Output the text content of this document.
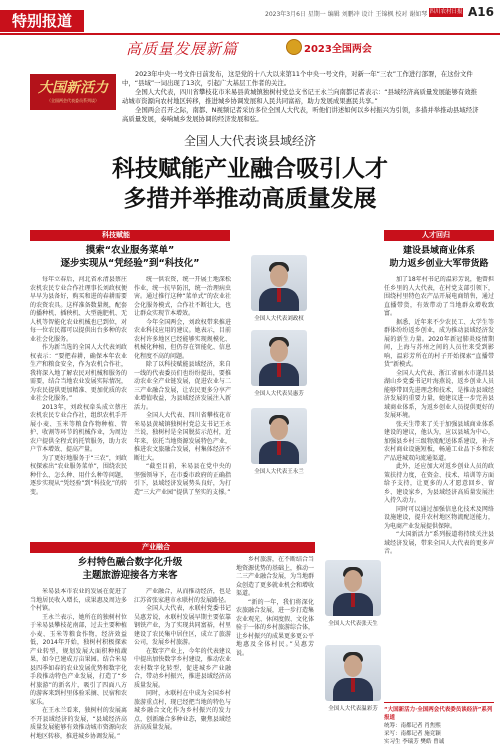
特别报道	2023年3月6日 星期一 编辑 刘鹏冲 设计 王锦枫 校对 谢如琴 四川农村日报 A16
高质量发展新篇	2023全国两会
大国新活力
（全国两会代表委员系列谈）

2023年中央一号文件日前发布，这是党的十八大以来第11个中央一号文件，对新一年“三农”工作进行部署，在这份文件中，“县域”一词出现了13次，引起广大基层工作者的关注。

全国人大代表，四川省攀枝花市米易县黄城镇独树村党总支书记王永兰向南都记者表示：“县域经济高质量发展能够有效推动城市资源向农村地区转移，推进城乡协调发展和人民共同富裕，助力发展成果惠民共享。”

全国两会召开之际，南都、N视频记者采访多位全国人大代表，听他们讲述如何以乡村振兴为引领，多措并举推动县域经济高质量发展，奏响城乡发展协调的经济发展和弦。

全国人大代表谈县域经济
科技赋能产业融合吸引人才
多措并举推动高质量发展
科技赋能
摸索“农业服务菜单”
逐步实现从“凭经验”到“科技化”

每年立春后，河北省永清县蔡庄农机农民专业合作社理事长刘政权便早早为县备好，购买和进的春耕需要的农资农具。这样准备数量规，配套的播种机、插秧机、大型施肥机、无人机等智能化农业机械也已到位，对每一位农民都可以提供出台多种的农业社会化服务。

作为新当选的全国人大代表刘政权表示：“要把春耕，确保本年农业生产和粮食安全，作为农机合作社，我将深入地了解农民对机械和服务的需要，结合当地农业发展实际情况，为农民提供更加精准、更加优质的农业社会化服务。”

2013年，刘政权牵头成立蔡庄农机农民专业合作社，组织农机手开展小麦、玉米等粮食作物种植、管护、收割等环节的机械作业，为周边农户提供全程式的托管服务，助力农户节本增效、提高产量。

为了更好地服务于“三农”，刘政权探索出“农业服务菜单”，围绕农民种什么、怎么种、用什么种等问题，逐步实现从“凭经验”到“科技化”的转变。

统一供农资，统一开展土地深松作业，统一抗旱防汛，统一治理病虫害。通过推行这种“菜单式”的农业社会化服务模式，合作社不断壮大，也让群众实现节本增效。

今年全国两会，刘政权带来推进农业科技应用的建议。她表示，目前农村许多地区已经能够实现规模化、机械化种植，但仍存在智能化、信息化程度不高的问题。

除了以科技赋能县域经济，来自一线的代表委员们也纷纷提出，要推动农业全产业链发展，促进农业与二三产业融合发展，让农民更多分享产业增值收益，为县域经济发展注入新活力。

全国人大代表、四川省攀枝花市米易县黄城镇独树村党总支书记王永兰说，独树村是全国脱贫示范村，近年来，依托当地资源发展特色产业，推进农文旅融合发展，村集体经济不断壮大。

“截至目前，米易县在党中央的坚强领导下，在市委市政府的正确指引下，县域经济发展势头良好，为打造“三大产业园”提供了坚实的支撑。”

产业融合
乡村特色融合数字化升级
主题旅游迎接各方来客

米易县本市农业的发展在促进了当地居民收入增长，成果惠及周边多个村镇。

王永兰表示，她所在的独树村位于米易县攀枝花南部，过去主要种植小麦、玉米等粮食作物，经济效益低，2014年开始，独树村积极探索产业转型，规划发展大面积种植蔬果，如今已建成万亩果园。结合米易县四季如春的农业发展优势和数字化手段推动特色产业发展，打造了“乡村旅游”的新名片，吸引了四面八方的游客来到村里体验采摘、民宿和农家乐。

在王永兰看来，独树村的发展离不开县域经济的发展，“县域经济高质量发展能够有效推动城市资源向农村地区转移，推进城乡协调发展。”

产业融合，从而推动经济，也是江苏省张家港市永联村的发展路径。

全国人大代表，永联村党委书记吴惠芳说，永联村发展早期主要依靠钢铁产业，为了实现共同富裕，村里建设了农民集中居住区，成立了旅游公司，发展乡村旅游。

在数字产业上，今年的代表建议中提出加快数字乡村建设，推动农业农村数字化转型，促进城乡产业融合，带动乡村振兴，推进县域经济高质量发展。

同时，永联村在中成为全国乡村旅游重点村，现已经把当地的特色与城乡融合文化作为乡村振兴的发力点，创新融合多种业态，聚焦县域经济高质量发展。

乡村旅游，在不断结合当地资源优势的基础上，推动一二三产业融合发展，为当地群众创造了更多就业机会和增收渠道。

“新的一年，我们将深化农旅融合发展，进一步打造集农业观光、休闲度假、文化体验于一体的乡村旅游综合体，让乡村振兴的成果更多更公平地惠及全体村民。”吴惠芳说。

全国人大代表刘政权
全国人大代表吴惠芳
全国人大代表王永兰
全国人大代表张天生
全国人大代表温彩芳
人才回归
建设县域商业体系
助力返乡创业大军带货路

加了18年村书记的温彩芳说，他曾担任乡里的人大代表，在村党支部引领下，围绕村里特色农产品开展电商销售，通过直播带货，有效带动了当地群众增收致富。

据悉，近年来不少农民工、大学生等群体纷纷返乡创业，成为推动县域经济发展的新生力量。2020年新冠肺炎疫情期间，上海与苏州之间的人员往来受到影响，温彩芳所在的村子开始探索“直播带货”新模式。

全国人大代表、浙江省丽水市遂昌县湖山乡党委书记叶海燕说，返乡创业人员能够带回先进理念和技术，是推动县域经济发展的重要力量，她建议进一步完善县域商业体系，为返乡创业人员提供更好的发展环境。

张天生带来了关于加强县域商业体系建设的建议，他认为，应以县城为中心，加强县乡村三级物流配送体系建设，补齐农村商业设施短板，畅通工业品下乡和农产品进城双向流通渠道。

此外，还应加大对返乡创业人员的政策扶持力度，在资金、技术、培训等方面给予支持，让更多的人才愿意回乡、留乡、建设家乡，为县域经济高质量发展注入持久动力。

同时可以通过加强信息化技术及网络设施建设，提升农村地区物流配送能力，为电商产业发展提供保障。

“大国新活力”系列报道将持续关注县域经济发展，带来全国人大代表的更多声音。

“大国新活力·全国两会代表委员谈经济”系列报道
统筹：南都记者 肖焦熙
采写：南都记者 施竞颖
实习生 李瑞芳 樊皓 曾诚
